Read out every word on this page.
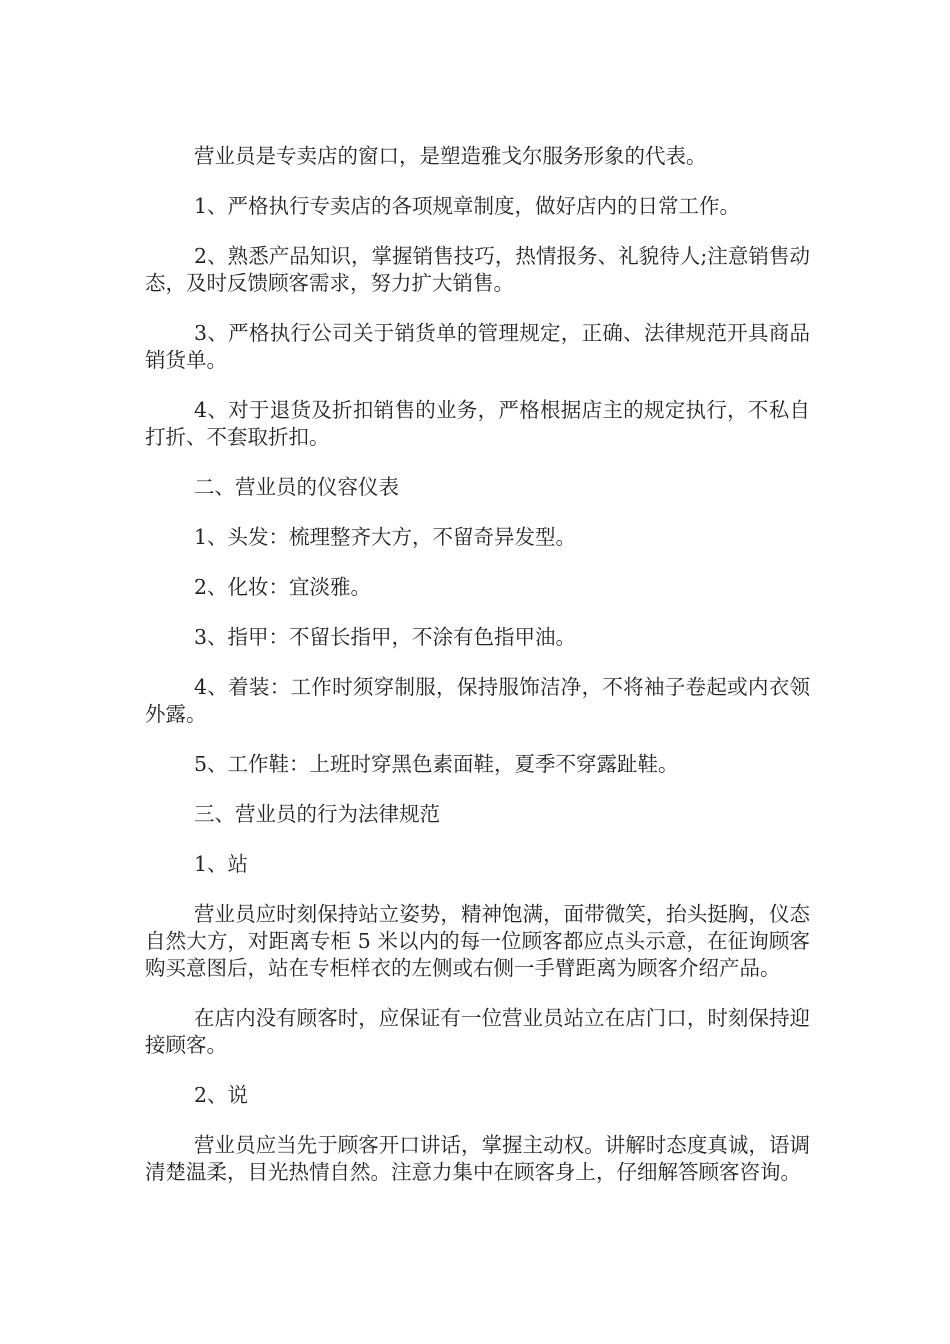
营业员是专卖店的窗口，是塑造雅戈尔服务形象的代表。

1、严格执行专卖店的各项规章制度，做好店内的日常工作。

2、熟悉产品知识，掌握销售技巧，热情报务、礼貌待人;注意销售动态，及时反馈顾客需求，努力扩大销售。

3、严格执行公司关于销货单的管理规定，正确、法律规范开具商品销货单。

4、对于退货及折扣销售的业务，严格根据店主的规定执行，不私自打折、不套取折扣。

二、营业员的仪容仪表

1、头发：梳理整齐大方，不留奇异发型。

2、化妆：宜淡雅。

3、指甲：不留长指甲，不涂有色指甲油。

4、着装：工作时须穿制服，保持服饰洁净，不将袖子卷起或内衣领外露。

5、工作鞋：上班时穿黑色素面鞋，夏季不穿露趾鞋。

三、营业员的行为法律规范

1、站

营业员应时刻保持站立姿势，精神饱满，面带微笑，抬头挺胸，仪态自然大方，对距离专柜 5 米以内的每一位顾客都应点头示意，在征询顾客购买意图后，站在专柜样衣的左侧或右侧一手臂距离为顾客介绍产品。

在店内没有顾客时，应保证有一位营业员站立在店门口，时刻保持迎接顾客。

2、说

营业员应当先于顾客开口讲话，掌握主动权。讲解时态度真诚，语调清楚温柔，目光热情自然。注意力集中在顾客身上，仔细解答顾客咨询。
